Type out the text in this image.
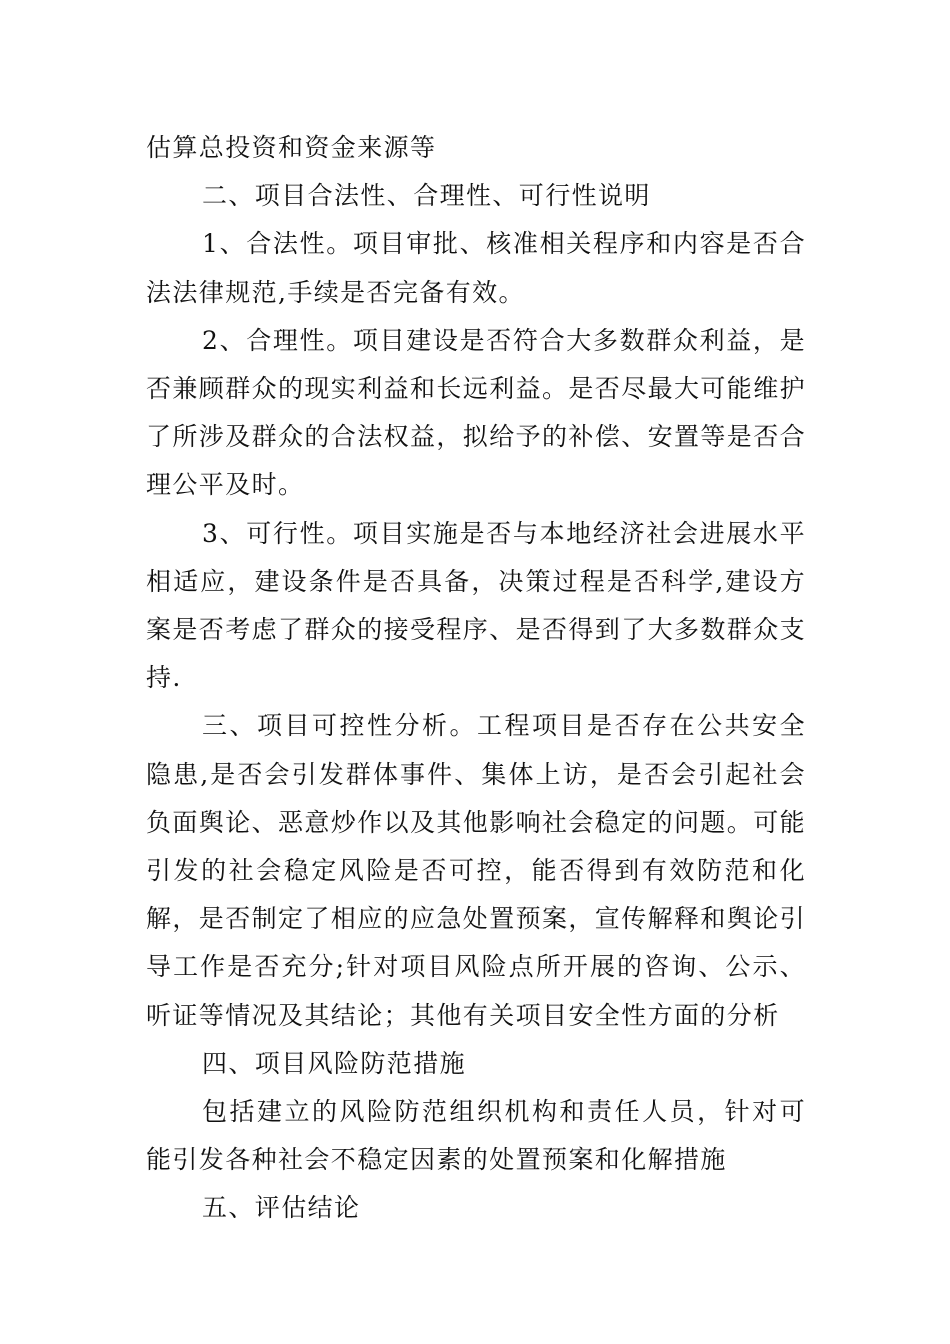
估算总投资和资金来源等

二、项目合法性、合理性、可行性说明

1、合法性。项目审批、核准相关程序和内容是否合法法律规范,手续是否完备有效。

2、合理性。项目建设是否符合大多数群众利益，是否兼顾群众的现实利益和长远利益。是否尽最大可能维护了所涉及群众的合法权益，拟给予的补偿、安置等是否合理公平及时。

3、可行性。项目实施是否与本地经济社会进展水平相适应，建设条件是否具备，决策过程是否科学,建设方案是否考虑了群众的接受程序、是否得到了大多数群众支持.

三、项目可控性分析。工程项目是否存在公共安全隐患,是否会引发群体事件、集体上访，是否会引起社会负面舆论、恶意炒作以及其他影响社会稳定的问题。可能引发的社会稳定风险是否可控，能否得到有效防范和化解，是否制定了相应的应急处置预案，宣传解释和舆论引导工作是否充分;针对项目风险点所开展的咨询、公示、听证等情况及其结论；其他有关项目安全性方面的分析

四、项目风险防范措施

包括建立的风险防范组织机构和责任人员，针对可能引发各种社会不稳定因素的处置预案和化解措施

五、评估结论
